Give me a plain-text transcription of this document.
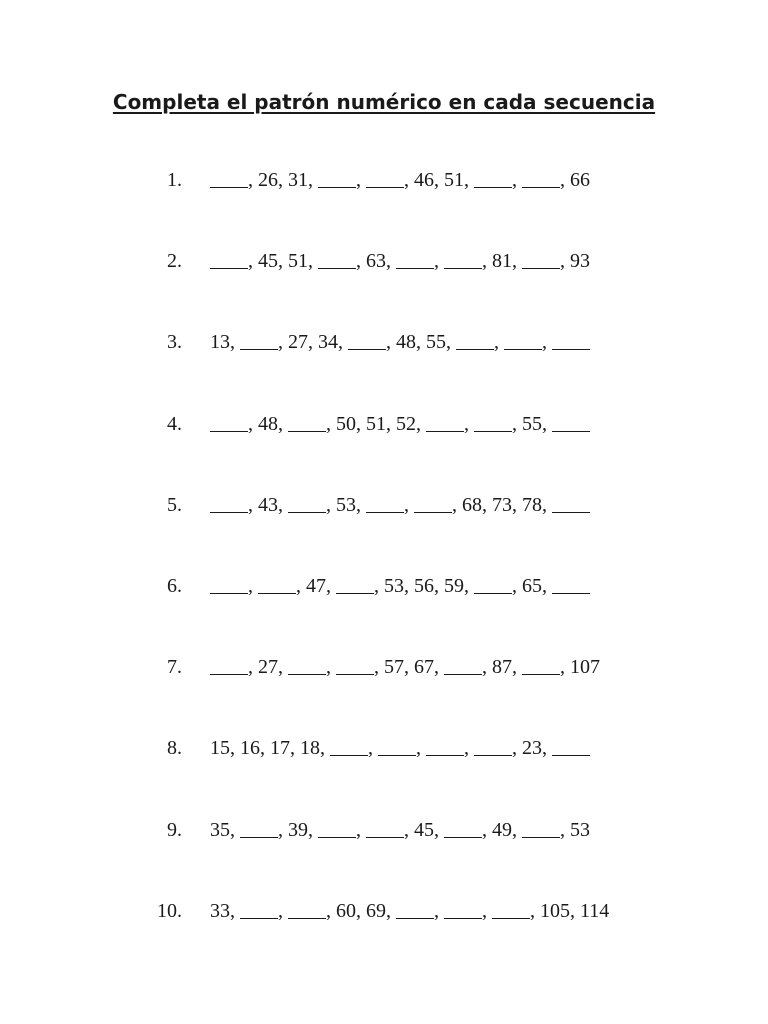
Completa el patrón numérico en cada secuencia
1.	, 26, 31, , , 46, 51, , , 66
2.	, 45, 51, , 63, , , 81, , 93
3. 13, , 27, 34, , 48, 55, , ,
4.	, 48, , 50, 51, 52, , , 55,
5.	, 43, , 53, , , 68, 73, 78,
6.	, , 47, , 53, 56, 59, , 65,
7.	, 27, , , 57, 67, , 87, , 107
8. 15, 16, 17, 18, , , , , 23,
9. 35, , 39, , , 45, , 49, , 53
10. 33, , , 60, 69, , , , 105, 114
